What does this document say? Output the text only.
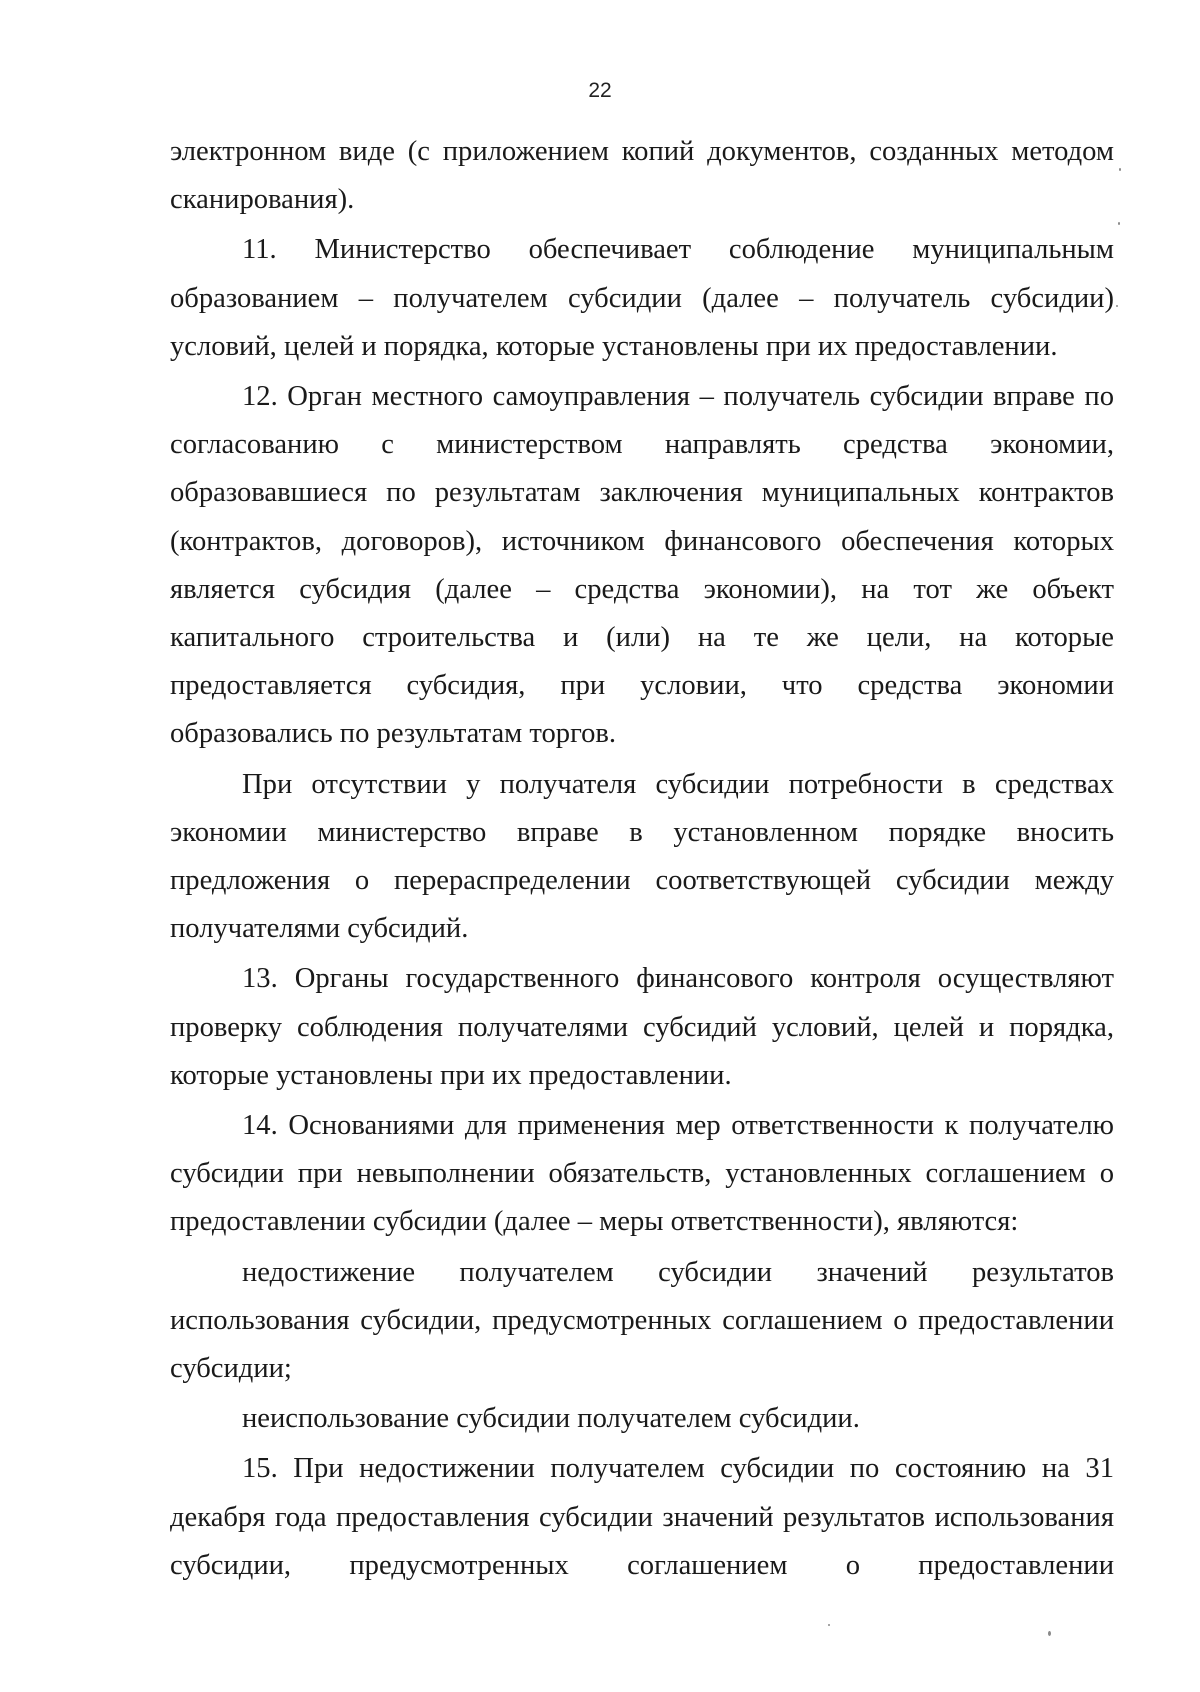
22

электронном виде (с приложением копий документов, созданных методом сканирования).

11. Министерство обеспечивает соблюдение муниципальным образованием – получателем субсидии (далее – получатель субсидии) условий, целей и порядка, которые установлены при их предоставлении.

12. Орган местного самоуправления – получатель субсидии вправе по согласованию с министерством направлять средства экономии, образовавшиеся по результатам заключения муниципальных контрактов (контрактов, договоров), источником финансового обеспечения которых является субсидия (далее – средства экономии), на тот же объект капитального строительства и (или) на те же цели, на которые предоставляется субсидия, при условии, что средства экономии образовались по результатам торгов.

При отсутствии у получателя субсидии потребности в средствах экономии министерство вправе в установленном порядке вносить предложения о перераспределении соответствующей субсидии между получателями субсидий.

13. Органы государственного финансового контроля осуществляют проверку соблюдения получателями субсидий условий, целей и порядка, которые установлены при их предоставлении.

14. Основаниями для применения мер ответственности к получателю субсидии при невыполнении обязательств, установленных соглашением о предоставлении субсидии (далее – меры ответственности), являются:

недостижение получателем субсидии значений результатов использования субсидии, предусмотренных соглашением о предоставлении субсидии;

неиспользование субсидии получателем субсидии.

15. При недостижении получателем субсидии по состоянию на 31 декабря года предоставления субсидии значений результатов использования субсидии, предусмотренных соглашением о предоставлении
